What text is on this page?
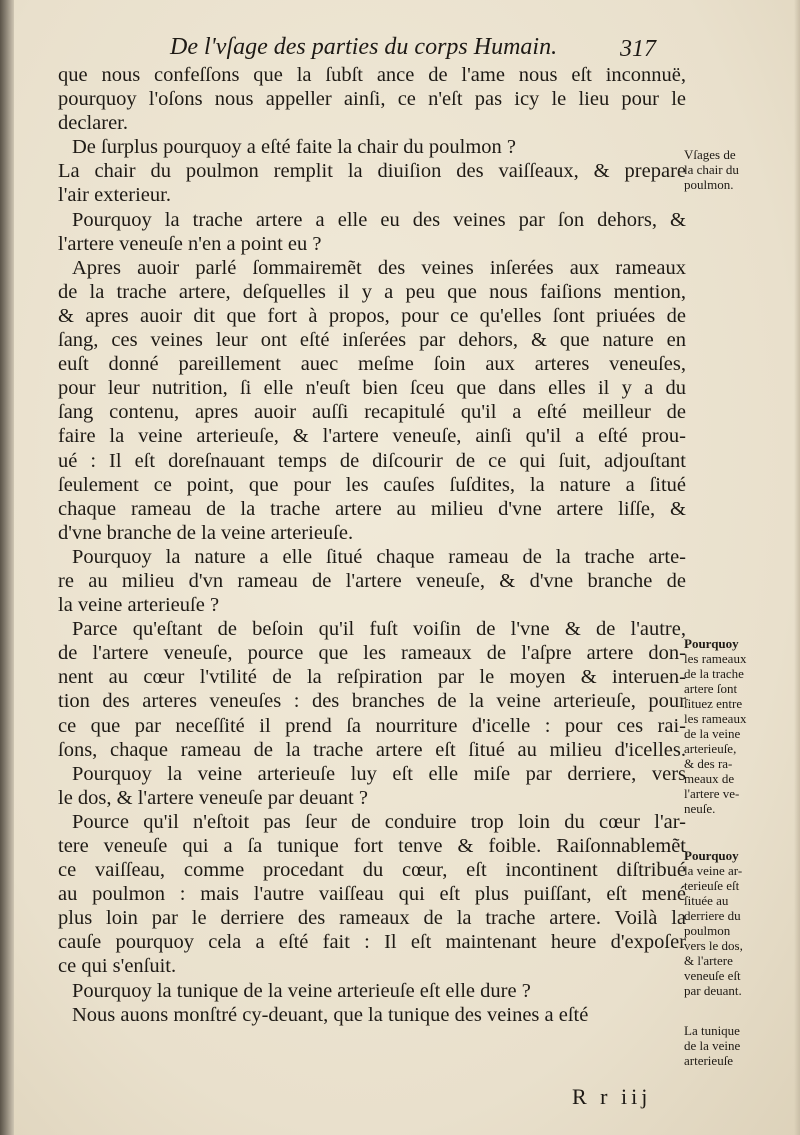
De l'vſage des parties du corps Humain.	317
que nous confeſſons que la ſubſt ance de l'ame nous eſt inconnuë,
pourquoy l'oſons nous appeller ainſi, ce n'eſt pas icy le lieu pour le
declarer.
De ſurplus pourquoy a eſté faite la chair du poulmon ?
La chair du poulmon remplit la diuiſion des vaiſſeaux, & prepare
l'air exterieur.
Pourquoy la trache artere a elle eu des veines par ſon dehors, &
l'artere veneuſe n'en a point eu ?
Apres auoir parlé ſommairemẽt des veines inſerées aux rameaux
de la trache artere, deſquelles il y a peu que nous faiſions mention,
& apres auoir dit que fort à propos, pour ce qu'elles ſont priuées de
ſang, ces veines leur ont eſté inſerées par dehors, & que nature en
euſt donné pareillement auec meſme ſoin aux arteres veneuſes,
pour leur nutrition, ſi elle n'euſt bien ſceu que dans elles il y a du
ſang contenu, apres auoir auſſi recapitulé qu'il a eſté meilleur de
faire la veine arterieuſe, & l'artere veneuſe, ainſi qu'il a eſté prou-
ué : Il eſt doreſnauant temps de diſcourir de ce qui ſuit, adjouſtant
ſeulement ce point, que pour les cauſes ſuſdites, la nature a ſitué
chaque rameau de la trache artere au milieu d'vne artere liſſe, &
d'vne branche de la veine arterieuſe.
Pourquoy la nature a elle ſitué chaque rameau de la trache arte-
re au milieu d'vn rameau de l'artere veneuſe, & d'vne branche de
la veine arterieuſe ?
Parce qu'eſtant de beſoin qu'il fuſt voiſin de l'vne & de l'autre,
de l'artere veneuſe, pource que les rameaux de l'aſpre artere don-
nent au cœur l'vtilité de la reſpiration par le moyen & interuen-
tion des arteres veneuſes : des branches de la veine arterieuſe, pour
ce que par neceſſité il prend ſa nourriture d'icelle : pour ces rai-
ſons, chaque rameau de la trache artere eſt ſitué au milieu d'icelles.
Pourquoy la veine arterieuſe luy eſt elle miſe par derriere, vers
le dos, & l'artere veneuſe par deuant ?
Pource qu'il n'eſtoit pas ſeur de conduire trop loin du cœur l'ar-
tere veneuſe qui a ſa tunique fort tenve & foible. Raiſonnablemẽt
ce vaiſſeau, comme procedant du cœur, eſt incontinent diſtribué
au poulmon : mais l'autre vaiſſeau qui eſt plus puiſſant, eſt mené
plus loin par le derriere des rameaux de la trache artere. Voilà la
cauſe pourquoy cela a eſté fait : Il eſt maintenant heure d'expoſer
ce qui s'enſuit.
Pourquoy la tunique de la veine arterieuſe eſt elle dure ?
Nous auons monſtré cy-deuant, que la tunique des veines a eſté
Vſages de
la chair du
poulmon.
Pourquoy
les rameaux
de la trache
artere ſont
ſituez entre
les rameaux
de la veine
arterieuſe,
& des ra-
meaux de
l'artere ve-
neuſe.
Pourquoy
la veine ar-
terieuſe eſt
ſituée au
derriere du
poulmon
vers le dos,
& l'artere
veneuſe eſt
par deuant.
La tunique
de la veine
arterieuſe
R r iij
